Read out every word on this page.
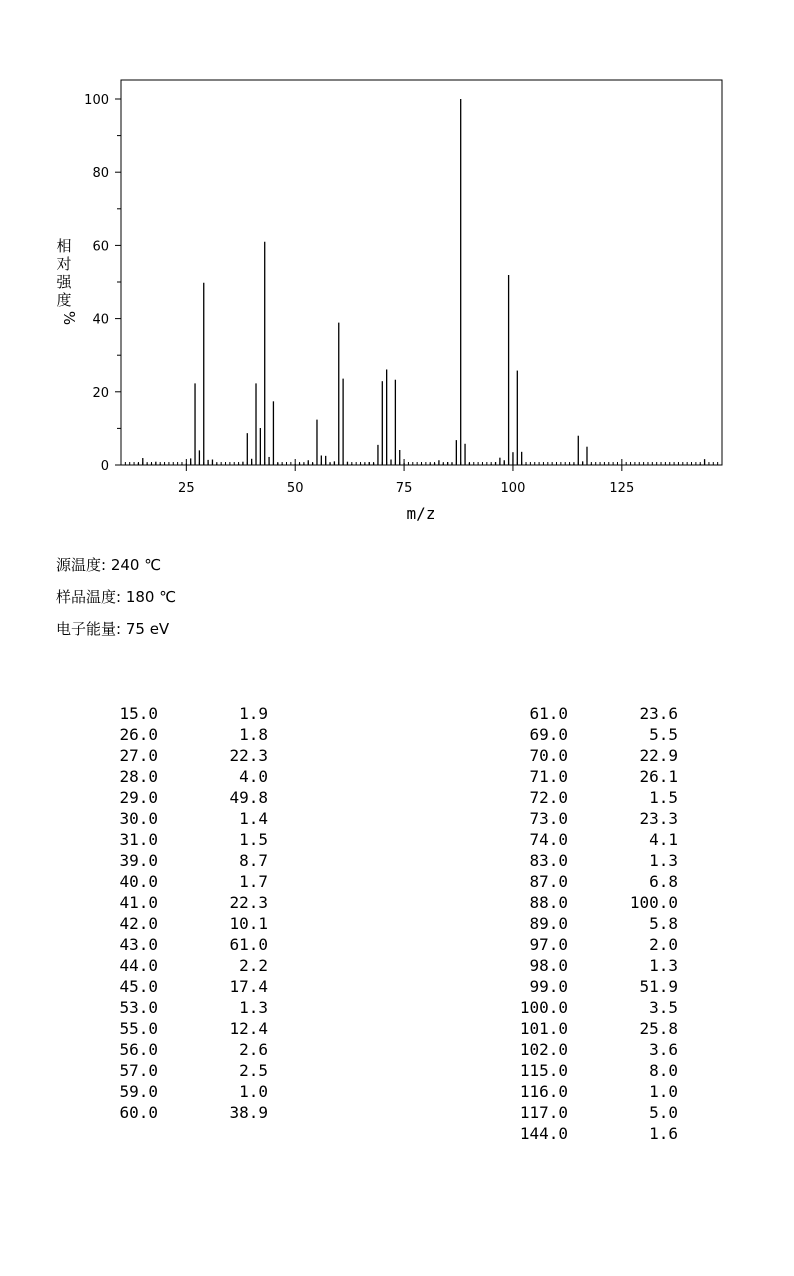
0
20
40
60
80
100
25	50	75	100	125
m/z
相
对
强
度
%
源温度: 240 ℃
样品温度: 180 ℃
电子能量: 75 eV
15.0	1.9
26.0	1.8
27.0	22.3
28.0	4.0
29.0	49.8
30.0	1.4
31.0	1.5
39.0	8.7
40.0	1.7
41.0	22.3
42.0	10.1
43.0	61.0
44.0	2.2
45.0	17.4
53.0	1.3
55.0	12.4
56.0	2.6
57.0	2.5
59.0	1.0
60.0	38.9
61.0	23.6
69.0	5.5
70.0	22.9
71.0	26.1
72.0	1.5
73.0	23.3
74.0	4.1
83.0	1.3
87.0	6.8
88.0	100.0
89.0	5.8
97.0	2.0
98.0	1.3
99.0	51.9
100.0	3.5
101.0	25.8
102.0	3.6
115.0	8.0
116.0	1.0
117.0	5.0
144.0	1.6
